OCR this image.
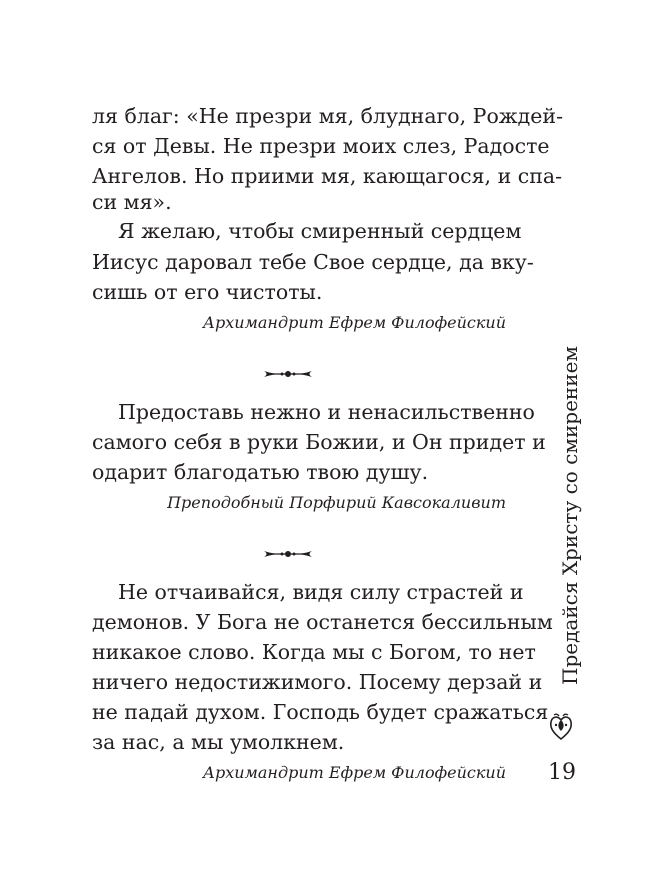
ля благ: «Не презри мя, блуднаго, Рождей-
ся от Девы. Не презри моих слез, Радосте
Ангелов. Но приими мя, кающагося, и спа-
си мя».
Я желаю, чтобы смиренный сердцем
Иисус даровал тебе Свое сердце, да вку-
сишь от его чистоты.
Архимандрит Ефрем Филофейский
Предоставь нежно и ненасильственно
самого себя в руки Божии, и Он придет и
одарит благодатью твою душу.
Преподобный Порфирий Кавсокаливит
Не отчаивайся, видя силу страстей и
демонов. У Бога не останется бессильным
никакое слово. Когда мы с Богом, то нет
ничего недостижимого. Посему дерзай и
не падай духом. Господь будет сражаться
за нас, а мы умолкнем.
Архимандрит Ефрем Филофейский
Предайся Христу со смирением
19
